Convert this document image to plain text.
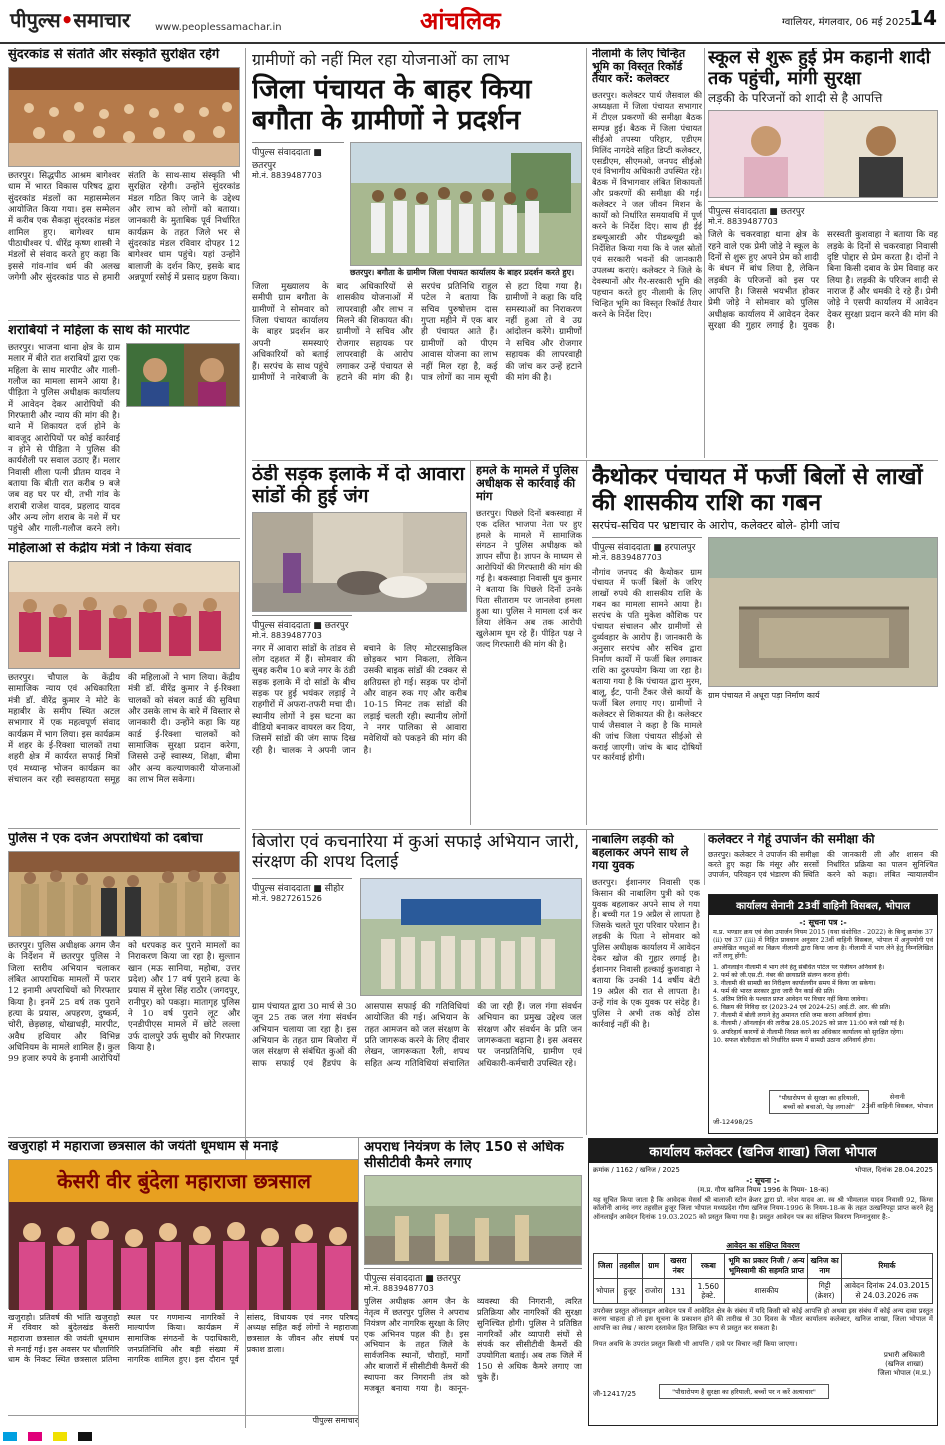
पीपुल्स•समाचार www.peoplessamachar.in	आंचलिक	ग्वालियर, मंगलवार, 06 मई 2025
14
सुंदरकांड से संतति और संस्कृति सुरक्षित रहेंगे
छतरपुर। सिद्धपीठ आश्रम बागेश्वर धाम में भारत विकास परिषद द्वारा सुंदरकांड मंडलों का महासम्मेलन आयोजित किया गया। इस सम्मेलन में करीब एक सैकड़ा सुंदरकांड मंडल शामिल हुए। बागेश्वर धाम पीठाधीश्वर पं. धीरेंद्र कृष्ण शास्त्री ने मंडलों से संवाद करते हुए कहा कि इससे गांव-गांव धर्म की अलख जगेगी और सुंदरकांड पाठ से हमारी संतति के साथ-साथ संस्कृति भी सुरक्षित रहेगी। उन्होंने सुंदरकांड मंडल गठित किए जाने के उद्देश्य और लाभ को लोगों को बताया। जानकारी के मुताबिक पूर्व निर्धारित कार्यक्रम के तहत जिले भर से सुंदरकांड मंडल रविवार दोपहर 12 बागेश्वर धाम पहुंचे। यहां उन्होंने बालाजी के दर्शन किए, इसके बाद अन्नपूर्णा रसोई में प्रसाद ग्रहण किया।
शराबियों ने महिला के साथ की मारपीट
छतरपुर। भाजना थाना क्षेत्र के ग्राम मलार में बीते रात शराबियों द्वारा एक महिला के साथ मारपीट और गाली-गलौज का मामला सामने आया है। पीड़िता ने पुलिस अधीक्षक कार्यालय में आवेदन देकर आरोपियों की गिरफ्तारी और न्याय की मांग की है। थाने में शिकायत दर्ज होने के बावजूद आरोपियों पर कोई कार्रवाई न होने से पीड़िता ने पुलिस की कार्यशैली पर सवाल उठाए हैं। मलार निवासी शीला पत्नी प्रीतम यादव ने बताया कि बीती रात करीब 9 बजे जब वह घर पर थी, तभी गांव के शराबी राजेश यादव, प्रहलाद यादव और अन्य लोग शराब के नशे में घर पहुंचे और गाली-गलौज करने लगे।
महिलाओं से केंद्रीय मंत्री ने किया संवाद
छतरपुर। चौपाल के केंद्रीय सामाजिक न्याय एवं अधिकारिता मंत्री डॉ. वीरेंद्र कुमार ने मोटे के महाबीर के समीप स्थित अटल सभागार में एक महत्वपूर्ण संवाद कार्यक्रम में भाग लिया। इस कार्यक्रम में शहर के ई-रिक्शा चालकों तथा शहरी क्षेत्र में कार्यरत सफाई मित्रों एवं मध्यान्ह भोजन कार्यक्रम का संचालन कर रही स्वसहायता समूह की महिलाओं ने भाग लिया। केंद्रीय मंत्री डॉ. वीरेंद्र कुमार ने ई-रिक्शा चालकों को संबल कार्ड की सुविधा और उसके लाभ के बारे में विस्तार से जानकारी दी। उन्होंने कहा कि यह कार्ड ई-रिक्शा चालकों को सामाजिक सुरक्षा प्रदान करेगा, जिससे उन्हें स्वास्थ्य, शिक्षा, बीमा और अन्य कल्याणकारी योजनाओं का लाभ मिल सकेगा।
पुलिस ने एक दर्जन अपराधियों को दबोचा
छतरपुर। पुलिस अधीक्षक अगम जैन के निर्देशन में छतरपुर पुलिस ने जिला स्तरीय अभियान चलाकर लंबित आपराधिक मामलों में फरार 12 इनामी अपराधियों को गिरफ्तार किया है। इनमें 25 वर्ष तक पुराने हत्या के प्रयास, अपहरण, दुष्कर्म, चोरी, छेड़छाड़, धोखाधड़ी, मारपीट, अवैध हथियार और विभिन्न अधिनियम के मामले शामिल हैं। कुल 99 हजार रुपये के इनामी आरोपियों को धरपकड़ कर पुराने मामलों का निराकरण किया जा रहा है। सुल्तान खान (मऊ सानिया, महोबा, उत्तर प्रदेश) और 17 वर्ष पुराने हत्या के प्रयास में सुरेश सिंह राठौर (जगदपुर, रानीपुर) को पकड़ा। मातागृह पुलिस ने 10 वर्ष पुराने लूट और एनडीपीएस मामले में छोटे लल्ला उर्फ दालपुरे उर्फ सुधीर को गिरफ्तार किया है।
खजुराहो में महाराजा छत्रसाल की जयंती धूमधाम से मनाई
केसरी वीर बुंदेला महाराजा छत्रसाल
खजुराहो। प्रतिवर्ष की भांति खजुराहो में रविवार को बुंदेलखंड केसरी महाराजा छत्रसाल की जयंती धूमधाम से मनाई गई। इस अवसर पर धौलागिरि धाम के निकट स्थित छत्रसाल प्रतिमा स्थल पर गणमान्य नागरिकों ने माल्यार्पण किया। कार्यक्रम में सामाजिक संगठनों के पदाधिकारी, जनप्रतिनिधि और बड़ी संख्या में नागरिक शामिल हुए। इस दौरान पूर्व सांसद, विधायक एवं नगर परिषद अध्यक्ष सहित कई लोगों ने महाराजा छत्रसाल के जीवन और संघर्ष पर प्रकाश डाला।
पीपुल्स समाचार
ग्रामीणों को नहीं मिल रहा योजनाओं का लाभ
जिला पंचायत के बाहर किया बगौता के ग्रामीणों ने प्रदर्शन
पीपुल्स संवाददाता ■ छतरपुर
मो.नं. 8839487703
छतरपुर। बगौता के ग्रामीण जिला पंचायत कार्यालय के बाहर प्रदर्शन करते हुए।
जिला मुख्यालय के समीपी ग्राम बगौता के ग्रामीणों ने सोमवार को जिला पंचायत कार्यालय के बाहर प्रदर्शन कर अपनी समस्याएं अधिकारियों को बताई हैं। सरपंच के साथ पहुंचे ग्रामीणों ने नारेबाजी के बाद अधिकारियों से शासकीय योजनाओं में लापरवाही और लाभ न मिलने की शिकायत की। ग्रामीणों ने सचिव और रोजगार सहायक पर लापरवाही के आरोप लगाकर उन्हें पंचायत से हटाने की मांग की है। सरपंच प्रतिनिधि राहुल पटेल ने बताया कि सचिव पुरुषोत्तम दास गुप्ता महीने में एक बार ही पंचायत आते हैं। ग्रामीणों को पीएम आवास योजना का लाभ नहीं मिल रहा है, कई पात्र लोगों का नाम सूची से हटा दिया गया है। ग्रामीणों ने कहा कि यदि समस्याओं का निराकरण नहीं हुआ तो वे उग्र आंदोलन करेंगे। ग्रामीणों ने सचिव और रोजगार सहायक की लापरवाही की जांच कर उन्हें हटाने की मांग की है।
नीलामी के लिए चिन्हित भूमि का विस्तृत रिकॉर्ड तैयार करें: कलेक्टर
छतरपुर। कलेक्टर पार्थ जैसवाल की अध्यक्षता में जिला पंचायत सभागार में टीएल प्रकरणों की समीक्षा बैठक सम्पन्न हुई। बैठक में जिला पंचायत सीईओ तपस्या परिहार, एडीएम मिलिंद नागदेवे सहित डिप्टी कलेक्टर, एसडीएम, सीएमओ, जनपद सीईओ एवं विभागीय अधिकारी उपस्थित रहे। बैठक में विभागवार लंबित शिकायतों और प्रकरणों की समीक्षा की गई। कलेक्टर ने जल जीवन मिशन के कार्यों को निर्धारित समयावधि में पूर्ण करने के निर्देश दिए। साथ ही ईई डब्ल्यूआरडी और पीडब्ल्यूडी को निर्देशित किया गया कि वे जल स्रोतों एवं सरकारी भवनों की जानकारी उपलब्ध कराएं। कलेक्टर ने जिले के देवस्थानों और गैर-सरकारी भूमि की पहचान करते हुए नीलामी के लिए चिन्हित भूमि का विस्तृत रिकॉर्ड तैयार करने के निर्देश दिए।
स्कूल से शुरू हुई प्रेम कहानी शादी तक पहुंची, मांगी सुरक्षा
लड़की के परिजनों को शादी से है आपत्ति
पीपुल्स संवाददाता ■ छतरपुर
मो.नं. 8839487703
जिले के चकरवाहा थाना क्षेत्र के रहने वाले एक प्रेमी जोड़े ने स्कूल के दिनों से शुरू हुए अपने प्रेम को शादी के बंधन में बांध लिया है, लेकिन लड़की के परिजनों को इस पर आपत्ति है। जिससे भयभीत होकर प्रेमी जोड़े ने सोमवार को पुलिस अधीक्षक कार्यालय में आवेदन देकर सुरक्षा की गुहार लगाई है। युवक सरस्वती कुशवाहा ने बताया कि वह लड़के के दिनों से चकरवाहा निवासी दृष्टि पोद्दार से प्रेम करता है। दोनों ने बिना किसी दबाव के प्रेम विवाह कर लिया है। लड़की के परिजन शादी से नाराज हैं और धमकी दे रहे हैं। प्रेमी जोड़े ने एसपी कार्यालय में आवेदन देकर सुरक्षा प्रदान करने की मांग की है।
ठंडी सड़क इलाके में दो आवारा सांडों की हुई जंग
पीपुल्स संवाददाता ■ छतरपुर
मो.नं. 8839487703
नगर में आवारा सांडों के तांडव से लोग दहशत में हैं। सोमवार की सुबह करीब 10 बजे नगर के ठंडी सड़क इलाके में दो सांडों के बीच सड़क पर हुई भयंकर लड़ाई ने राहगीरों में अफरा-तफरी मचा दी। स्थानीय लोगों ने इस घटना का वीडियो बनाकर वायरल कर दिया, जिसमें सांडों की जंग साफ दिख रही है। चालक ने अपनी जान बचाने के लिए मोटरसाइकिल छोड़कर भाग निकला, लेकिन उसकी बाइक सांडों की टक्कर से क्षतिग्रस्त हो गई। सड़क पर दोनों और वाहन रुक गए और करीब 10-15 मिनट तक सांडों की लड़ाई चलती रही। स्थानीय लोगों ने नगर पालिका से आवारा मवेशियों को पकड़ने की मांग की है।
हमले के मामले में पुलिस अधीक्षक से कार्रवाई की मांग
छतरपुर। पिछले दिनों बकस्वाहा में एक दलित भाजपा नेता पर हुए हमले के मामले में सामाजिक संगठन ने पुलिस अधीक्षक को ज्ञापन सौंपा है। ज्ञापन के माध्यम से आरोपियों की गिरफ्तारी की मांग की गई है। बकस्वाहा निवासी धुव कुमार ने बताया कि पिछले दिनों उनके पिता सीताराम पर जानलेवा हमला हुआ था। पुलिस ने मामला दर्ज कर लिया लेकिन अब तक आरोपी खुलेआम घूम रहे हैं। पीड़ित पक्ष ने जल्द गिरफ्तारी की मांग की है।
कैथोकर पंचायत में फर्जी बिलों से लाखों की शासकीय राशि का गबन
सरपंच-सचिव पर भ्रष्टाचार के आरोप, कलेक्टर बोले- होगी जांच
पीपुल्स संवाददाता ■ हरपालपुर
मो.नं. 8839487703
नौगांव जनपद की कैथोकर ग्राम पंचायत में फर्जी बिलों के जरिए लाखों रुपये की शासकीय राशि के गबन का मामला सामने आया है। सरपंच के पति मुकेश कौशिक पर पंचायत संचालन और ग्रामीणों से दुर्व्यवहार के आरोप हैं। जानकारी के अनुसार सरपंच और सचिव द्वारा निर्माण कार्यों में फर्जी बिल लगाकर राशि का दुरुपयोग किया जा रहा है। बताया गया है कि पंचायत द्वारा मुरम, बालू, ईंट, पानी टैंकर जैसे कार्यों के फर्जी बिल लगाए गए। ग्रामीणों ने कलेक्टर से शिकायत की है। कलेक्टर पार्थ जैसवाल ने कहा है कि मामले की जांच जिला पंचायत सीईओ से कराई जाएगी। जांच के बाद दोषियों पर कार्रवाई होगी।
ग्राम पंचायत में अधूरा पड़ा निर्माण कार्य
बिजोरा एवं कचनारिया में कुआं सफाई अभियान जारी, संरक्षण की शपथ दिलाई
पीपुल्स संवाददाता ■ सीहोर
मो.नं. 9827261526
ग्राम पंचायत द्वारा 30 मार्च से 30 जून 25 तक जल गंगा संवर्धन अभियान चलाया जा रहा है। इस अभियान के तहत ग्राम बिजोरा में जल संरक्षण से संबंधित कुओं की साफ सफाई एवं हैंडपंप के आसपास सफाई की गतिविधियां आयोजित की गई। अभियान के तहत आमजन को जल संरक्षण के प्रति जागरूक करने के लिए दीवार लेखन, जागरूकता रैली, शपथ सहित अन्य गतिविधियां संचालित की जा रही हैं। जल गंगा संवर्धन अभियान का प्रमुख उद्देश्य जल संरक्षण और संवर्धन के प्रति जन जागरूकता बढ़ाना है। इस अवसर पर जनप्रतिनिधि, ग्रामीण एवं अधिकारी-कर्मचारी उपस्थित रहे।
अपराध नियंत्रण के लिए 150 से अधिक सीसीटीवी कैमरे लगाए
पीपुल्स संवाददाता ■ छतरपुर
मो.नं. 8839487703
पुलिस अधीक्षक अगम जैन के नेतृत्व में छतरपुर पुलिस ने अपराध नियंत्रण और नागरिक सुरक्षा के लिए एक अभिनव पहल की है। इस अभियान के तहत जिले के सार्वजनिक स्थानों, चौराहों, मार्गों और बाजारों में सीसीटीवी कैमरों की स्थापना कर निगरानी तंत्र को मजबूत बनाया गया है। कानून-व्यवस्था की निगरानी, त्वरित प्रतिक्रिया और नागरिकों की सुरक्षा सुनिश्चित होगी। पुलिस ने प्रतिष्ठित नागरिकों और व्यापारी संघों से संपर्क कर सीसीटीवी कैमरों की उपयोगिता बताई। अब तक जिले में 150 से अधिक कैमरे लगाए जा चुके हैं।
नाबालिग लड़की को बहलाकर अपने साथ ले गया युवक
छतरपुर। ईशानगर निवासी एक किसान की नाबालिग पुत्री को एक युवक बहलाकर अपने साथ ले गया है। बच्ची गत 19 अप्रैल से लापता है जिसके चलते पूरा परिवार परेशान है। लड़की के पिता ने सोमवार को पुलिस अधीक्षक कार्यालय में आवेदन देकर खोज की गुहार लगाई है। ईशानगर निवासी हल्काई कुशवाहा ने बताया कि उनकी 14 वर्षीय बेटी 19 अप्रैल की रात से लापता है। उन्हें गांव के एक युवक पर संदेह है। पुलिस ने अभी तक कोई ठोस कार्रवाई नहीं की है।
कलेक्टर ने गेहूं उपार्जन की समीक्षा की
छतरपुर। कलेक्टर ने उपार्जन की समीक्षा करते हुए कहा कि मंसूर और सरसों उपार्जन, परिवहन एवं भंडारण की स्थिति की जानकारी ली और शासन की निर्धारित प्रक्रिया का पालन सुनिश्चित करने को कहा। लंबित न्यायालयीन
कार्यालय सेनानी 23वीं वाहिनी विसबल, भोपाल
-: सूचना पत्र :-
म.प्र. भण्डार क्रय एवं सेवा उपार्जन नियम 2015 (यथा संशोधित - 2022) के बिन्दु क्रमांक 37 (ii) एवं 37 (iii) में निहित प्रावधान अनुसार 23वीं वाहिनी विसबल, भोपाल में अनुपयोगी एवं अपलेखित वस्तुओं का विक्रय नीलामी द्वारा किया जाना है। नीलामी में भाग लेने हेतु निम्नलिखित शर्तें लागू होंगी:
1. ऑनलाईन नीलामी में भाग लेने हेतु संबंधित पोर्टल पर पंजीयन अनिवार्य है।
2. फर्म को जी.एस.टी. नंबर की छायाप्रति संलग्न करना होगी।
3. नीलामी की सामग्री का निरीक्षण कार्यालयीन समय में किया जा सकेगा।
4. फर्म की भारत सरकार द्वारा जारी पैन कार्ड की प्रति।
5. अंतिम तिथि के पश्चात प्राप्त आवेदन पर विचार नहीं किया जावेगा।
6. विक्रय की निविदा दर (2023-24 एवं 2024-25) आई.टी. आर. की प्रति।
7. नीलामी में बोली लगाने हेतु अमानत राशि जमा करना अनिवार्य होगा।
8. नीलामी / ऑनलाईन की तारीख 28.05.2025 को प्रातः 11:00 बजे रखी गई है।
9. अपरिहार्य कारणों से नीलामी निरस्त करने का अधिकार कार्यालय को सुरक्षित रहेगा।
10. सफल बोलीदाता को निर्धारित समय में सामग्री उठाना अनिवार्य होगा।
जी-12498/25
"पौधारोपण से सुरक्षा का हरियाली, बच्चों को बचाओ, पेड़ लगाओ"
सेनानी
23वीं वाहिनी विसबल, भोपाल
कार्यालय कलेक्टर (खनिज शाखा) जिला भोपाल
क्रमांक / 1162 / खनिज / 2025	भोपाल, दिनांक 28.04.2025
-: सूचना :-
(म.प्र. गौण खनिज नियम 1996 के नियम- 18-क)
यह सूचित किया जाता है कि आवेदक मेसर्स श्री बालाजी स्टोन क्रेशर द्वारा प्रो. नरेश यादव आ. स्व श्री भीमलाल यादव निवासी 92, किंग्स कॉलोनी आनंद नगर तहसील हुजूर जिला भोपाल मध्यप्रदेश गौण खनिज नियम-1996 के नियम-18-क के तहत उत्खनिपट्टा प्राप्त करने हेतु ऑनलाईन आवेदन दिनांक 19.03.2025 को प्रस्तुत किया गया है। प्रस्तुत आवेदन पत्र का संक्षिप्त विवरण निम्नानुसार है:-
आवेदन का संक्षिप्त विवरण
जिला	तहसील	ग्राम	खसरा नंबर	रकबा	भूमि का प्रकार निजी / अन्य भूमिस्वामी की सहमति प्राप्त	खनिज का नाम	रिमार्क
भोपाल	हुजूर	राजोरा	131	1.560 हेक्टे.	शासकीय	गिट्टी (क्रेशर)	आवेदन दिनांक 24.03.2015 से 24.03.2026 तक
उपरोक्त प्रस्तुत ऑनलाइन आवेदन पत्र में आवेदित क्षेत्र के संबंध में यदि किसी को कोई आपत्ति हो अथवा इस संबंध में कोई अन्य दावा प्रस्तुत करना चाहता हो तो इस सूचना के प्रकाशन होने की तारीख से 30 दिवस के भीतर कार्यालय कलेक्टर, खनिज शाखा, जिला भोपाल में आपत्ति का लेख / कारण दस्तावेज हित लिखित रूप से प्रस्तुत कर सकता है।
नियत अवधि के उपरांत प्रस्तुत किसी भी आपत्ति / दावे पर विचार नहीं किया जाएगा।
प्रभारी अधिकारी
(खनिज शाखा)
जिला भोपाल (म.प्र.)
जी-12417/25	"पौधारोपण है सुरक्षा का हरियाली, बच्चों पर न करें अत्याचार"
